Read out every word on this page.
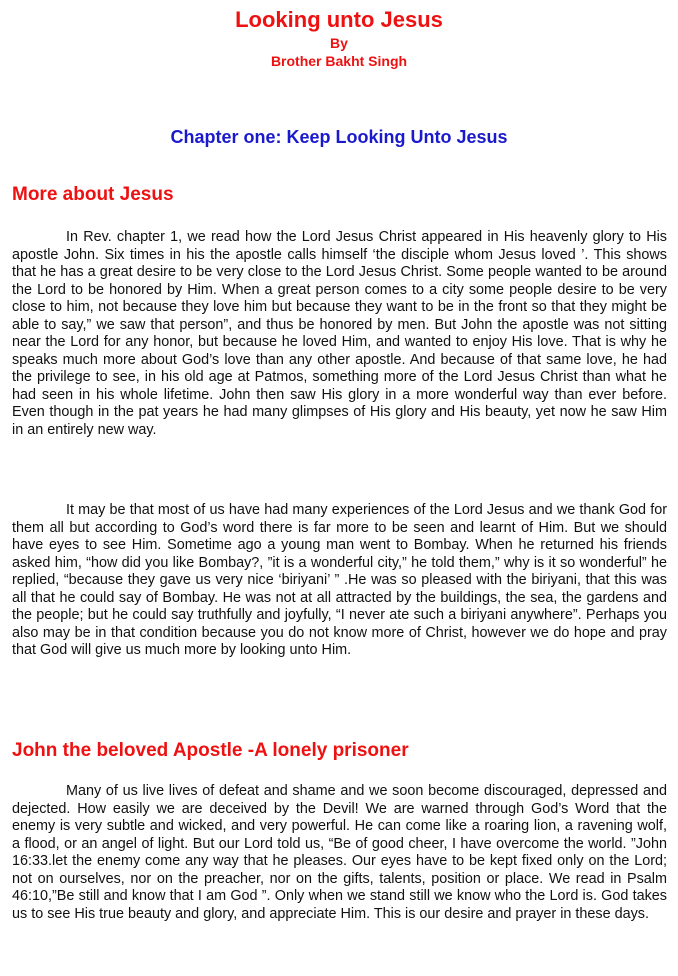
Looking unto Jesus
By
Brother Bakht Singh
Chapter one: Keep Looking Unto Jesus
More about Jesus

In Rev. chapter 1, we read how the Lord Jesus Christ appeared in His heavenly glory to His apostle John. Six times in his the apostle calls himself ‘the disciple whom Jesus loved ’. This shows that he has a great desire to be very close to the Lord Jesus Christ. Some people wanted to be around the Lord to be honored by Him. When a great person comes to a city some people desire to be very close to him, not because they love him but because they want to be in the front so that they might be able to say,” we saw that person”, and thus be honored by men. But John the apostle was not sitting near the Lord for any honor, but because he loved Him, and wanted to enjoy His love. That is why he speaks much more about God’s love than any other apostle. And because of that same love, he had the privilege to see, in his old age at Patmos, something more of the Lord Jesus Christ than what he had seen in his whole lifetime. John then saw His glory in a more wonderful way than ever before. Even though in the pat years he had many glimpses of His glory and His beauty, yet now he saw Him in an entirely new way.

It may be that most of us have had many experiences of the Lord Jesus and we thank God for them all but according to God’s word there is far more to be seen and learnt of Him. But we should have eyes to see Him. Sometime ago a young man went to Bombay. When he returned his friends asked him, “how did you like Bombay?, ”it is a wonderful city,” he told them,” why is it so wonderful” he replied, “because they gave us very nice ‘biriyani’ ” .He was so pleased with the biriyani, that this was all that he could say of Bombay. He was not at all attracted by the buildings, the sea, the gardens and the people; but he could say truthfully and joyfully, “I never ate such a biriyani anywhere”. Perhaps you also may be in that condition because you do not know more of Christ, however we do hope and pray that God will give us much more by looking unto Him.

John the beloved Apostle -A lonely prisoner

Many of us live lives of defeat and shame and we soon become discouraged, depressed and dejected. How easily we are deceived by the Devil! We are warned through God’s Word that the enemy is very subtle and wicked, and very powerful. He can come like a roaring lion, a ravening wolf, a flood, or an angel of light. But our Lord told us, “Be of good cheer, I have overcome the world. ”John 16:33.let the enemy come any way that he pleases. Our eyes have to be kept fixed only on the Lord; not on ourselves, nor on the preacher, nor on the gifts, talents, position or place. We read in Psalm 46:10,”Be still and know that I am God ”. Only when we stand still we know who the Lord is. God takes us to see His true beauty and glory, and appreciate Him. This is our desire and prayer in these days.
